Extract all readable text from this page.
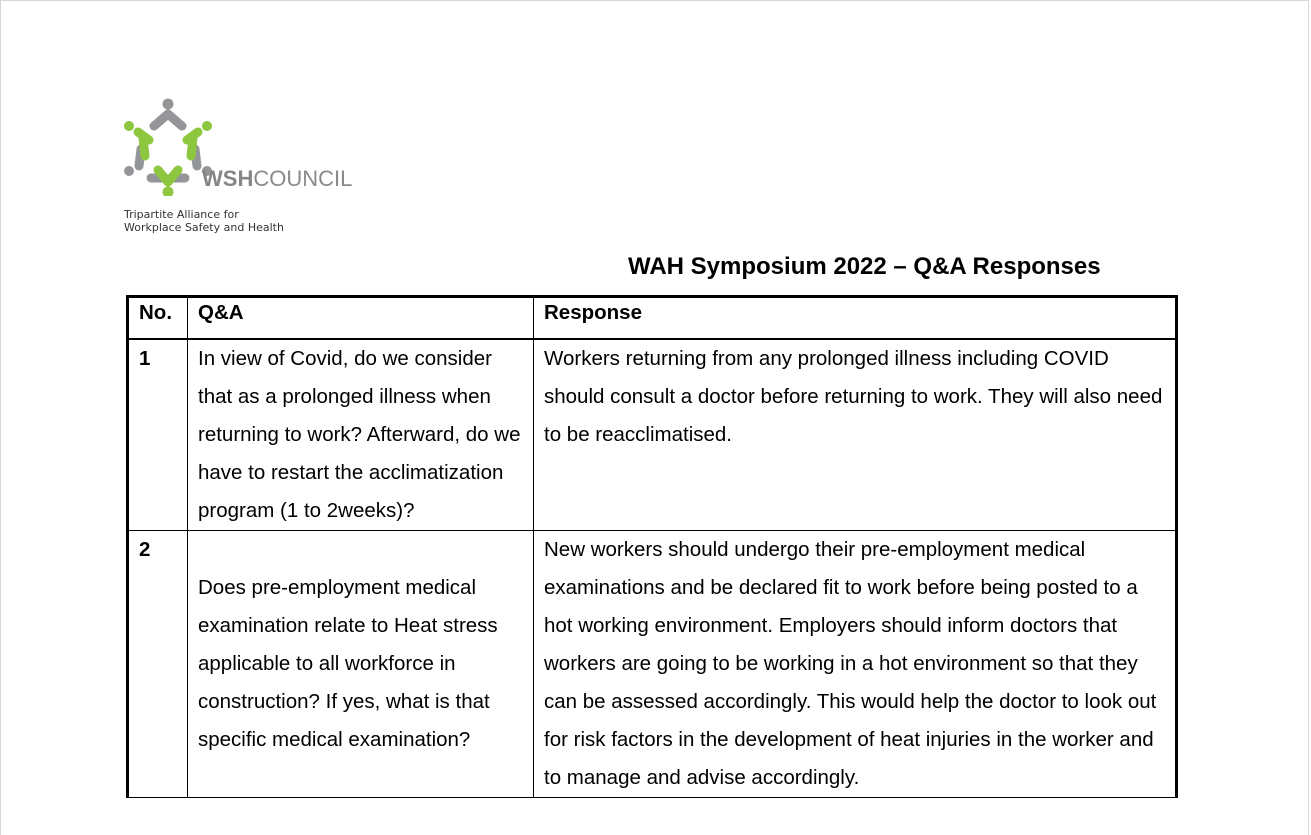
WSHCOUNCIL
Tripartite Alliance for
Workplace Safety and Health
WAH Symposium 2022 – Q&A Responses
No.	Q&A	Response
1	In view of Covid, do we consider that as a prolonged illness when returning to work? Afterward, do we have to restart the acclimatization program (1 to 2weeks)?	Workers returning from any prolonged illness including COVID should consult a doctor before returning to work. They will also need to be reacclimatised.
2	Does pre-employment medical examination relate to Heat stress applicable to all workforce in construction? If yes, what is that specific medical examination?	New workers should undergo their pre-employment medical examinations and be declared fit to work before being posted to a hot working environment. Employers should inform doctors that workers are going to be working in a hot environment so that they can be assessed accordingly. This would help the doctor to look out for risk factors in the development of heat injuries in the worker and to manage and advise accordingly.
